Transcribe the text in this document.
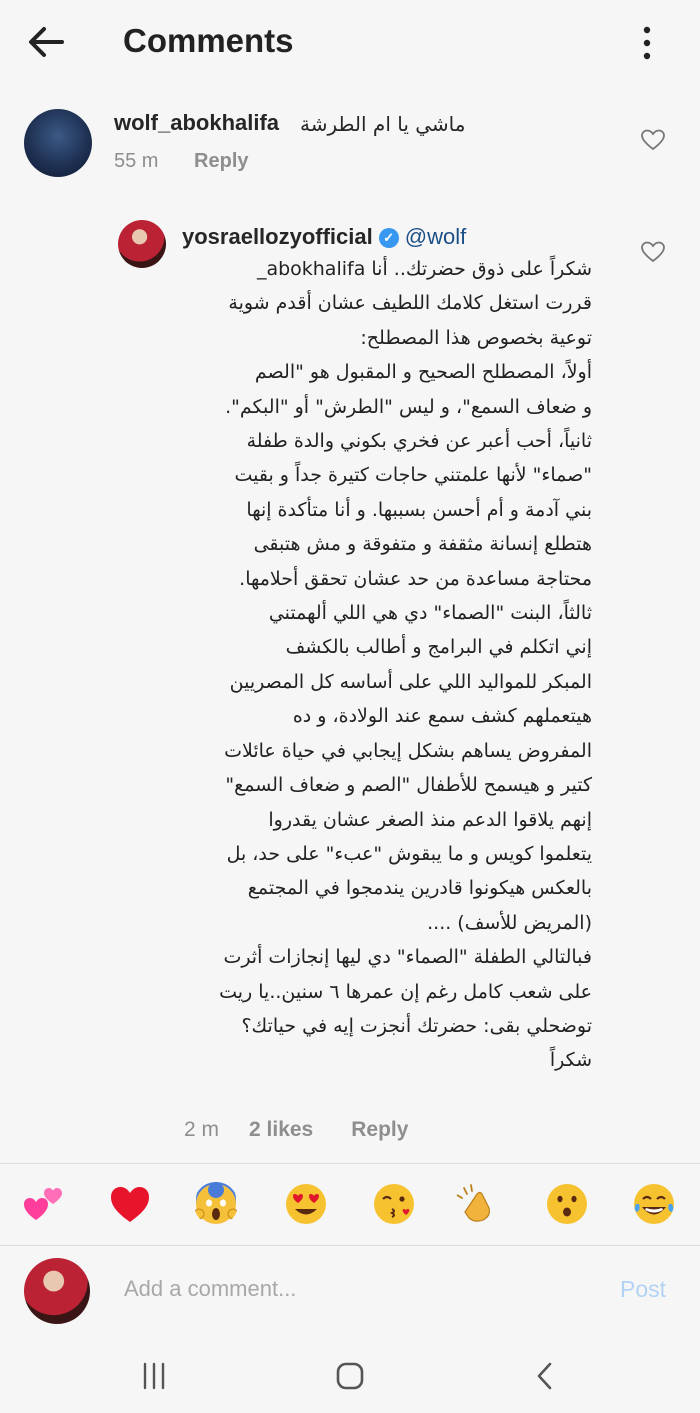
Comments
wolf_abokhalifa ماشي يا ام الطرشة
55 m Reply
yosraellozyofficial ✓ @wolf
شكراً على ذوق حضرتك.. أنا abokhalifa_
قررت استغل كلامك اللطيف عشان أقدم شوية
توعية بخصوص هذا المصطلح:
أولاً، المصطلح الصحيح و المقبول هو "الصم
و ضعاف السمع"، و ليس "الطرش" أو "البكم".
ثانياً، أحب أعبر عن فخري بكوني والدة طفلة
"صماء" لأنها علمتني حاجات كتيرة جداً و بقيت
بني آدمة و أم أحسن بسببها. و أنا متأكدة إنها
هتطلع إنسانة مثقفة و متفوقة و مش هتبقى
محتاجة مساعدة من حد عشان تحقق أحلامها.
ثالثاً، البنت "الصماء" دي هي اللي ألهمتني
إني اتكلم في البرامج و أطالب بالكشف
المبكر للمواليد اللي على أساسه كل المصريين
هيتعملهم كشف سمع عند الولادة، و ده
المفروض يساهم بشكل إيجابي في حياة عائلات
كتير و هيسمح للأطفال "الصم و ضعاف السمع"
إنهم يلاقوا الدعم منذ الصغر عشان يقدروا
يتعلموا كويس و ما يبقوش "عبء" على حد، بل
بالعكس هيكونوا قادرين يندمجوا في المجتمع
(المريض للأسف) ....
فبالتالي الطفلة "الصماء" دي ليها إنجازات أثرت
على شعب كامل رغم إن عمرها ٦ سنين..يا ريت
توضحلي بقى: حضرتك أنجزت إيه في حياتك؟
شكراً
2 m 2 likes Reply
Add a comment...	Post
